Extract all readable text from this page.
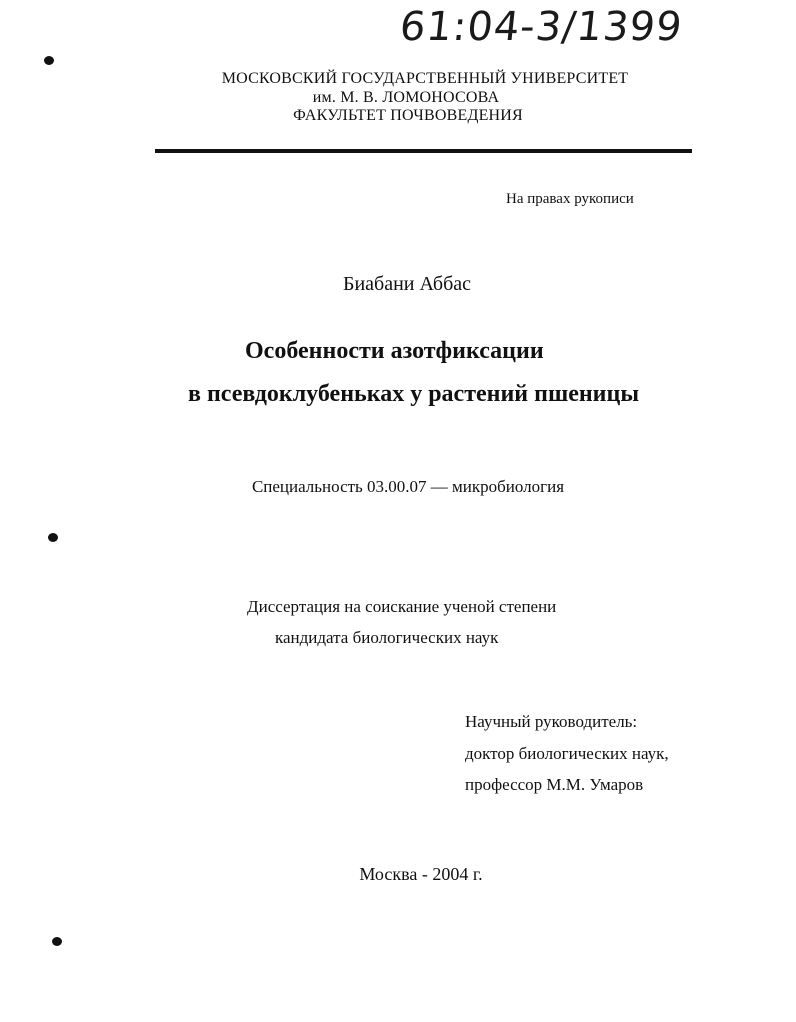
61:04-3/1399
МОСКОВСКИЙ ГОСУДАРСТВЕННЫЙ УНИВЕРСИТЕТ
им. М. В. ЛОМОНОСОВА
ФАКУЛЬТЕТ ПОЧВОВЕДЕНИЯ
На правах рукописи
Биабани Аббас
Особенности азотфиксации
в псевдоклубеньках у растений пшеницы
Специальность 03.00.07 — микробиология
Диссертация на соискание ученой степени
кандидата биологических наук
Научный руководитель:
доктор биологических наук,
профессор М.М. Умаров
Москва - 2004 г.
